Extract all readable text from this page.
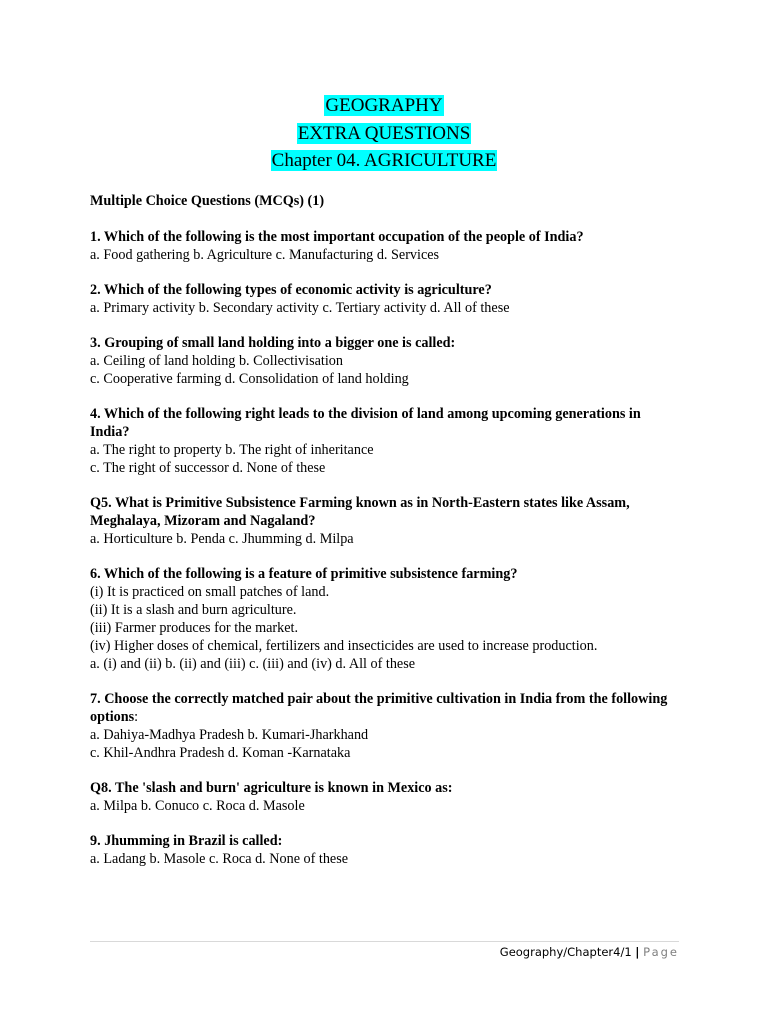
GEOGRAPHY
EXTRA QUESTIONS
Chapter 04. AGRICULTURE
Multiple Choice Questions (MCQs) (1)
1. Which of the following is the most important occupation of the people of India?
a. Food gathering b. Agriculture c. Manufacturing d. Services
2. Which of the following types of economic activity is agriculture?
a. Primary activity b. Secondary activity c. Tertiary activity d. All of these
3. Grouping of small land holding into a bigger one is called:
a. Ceiling of land holding b. Collectivisation
c. Cooperative farming d. Consolidation of land holding
4. Which of the following right leads to the division of land among upcoming generations in India?
a. The right to property b. The right of inheritance
c. The right of successor d. None of these
Q5. What is Primitive Subsistence Farming known as in North-Eastern states like Assam, Meghalaya, Mizoram and Nagaland?
a. Horticulture b. Penda c. Jhumming d. Milpa
6. Which of the following is a feature of primitive subsistence farming?
(i) It is practiced on small patches of land.
(ii) It is a slash and burn agriculture.
(iii) Farmer produces for the market.
(iv) Higher doses of chemical, fertilizers and insecticides are used to increase production.
a. (i) and (ii) b. (ii) and (iii) c. (iii) and (iv) d. All of these
7. Choose the correctly matched pair about the primitive cultivation in India from the following options:
a. Dahiya-Madhya Pradesh b. Kumari-Jharkhand
c. Khil-Andhra Pradesh d. Koman -Karnataka
Q8. The 'slash and burn' agriculture is known in Mexico as:
a. Milpa b. Conuco c. Roca d. Masole
9. Jhumming in Brazil is called:
a. Ladang b. Masole c. Roca d. None of these
Geography/Chapter4/1 | Page
